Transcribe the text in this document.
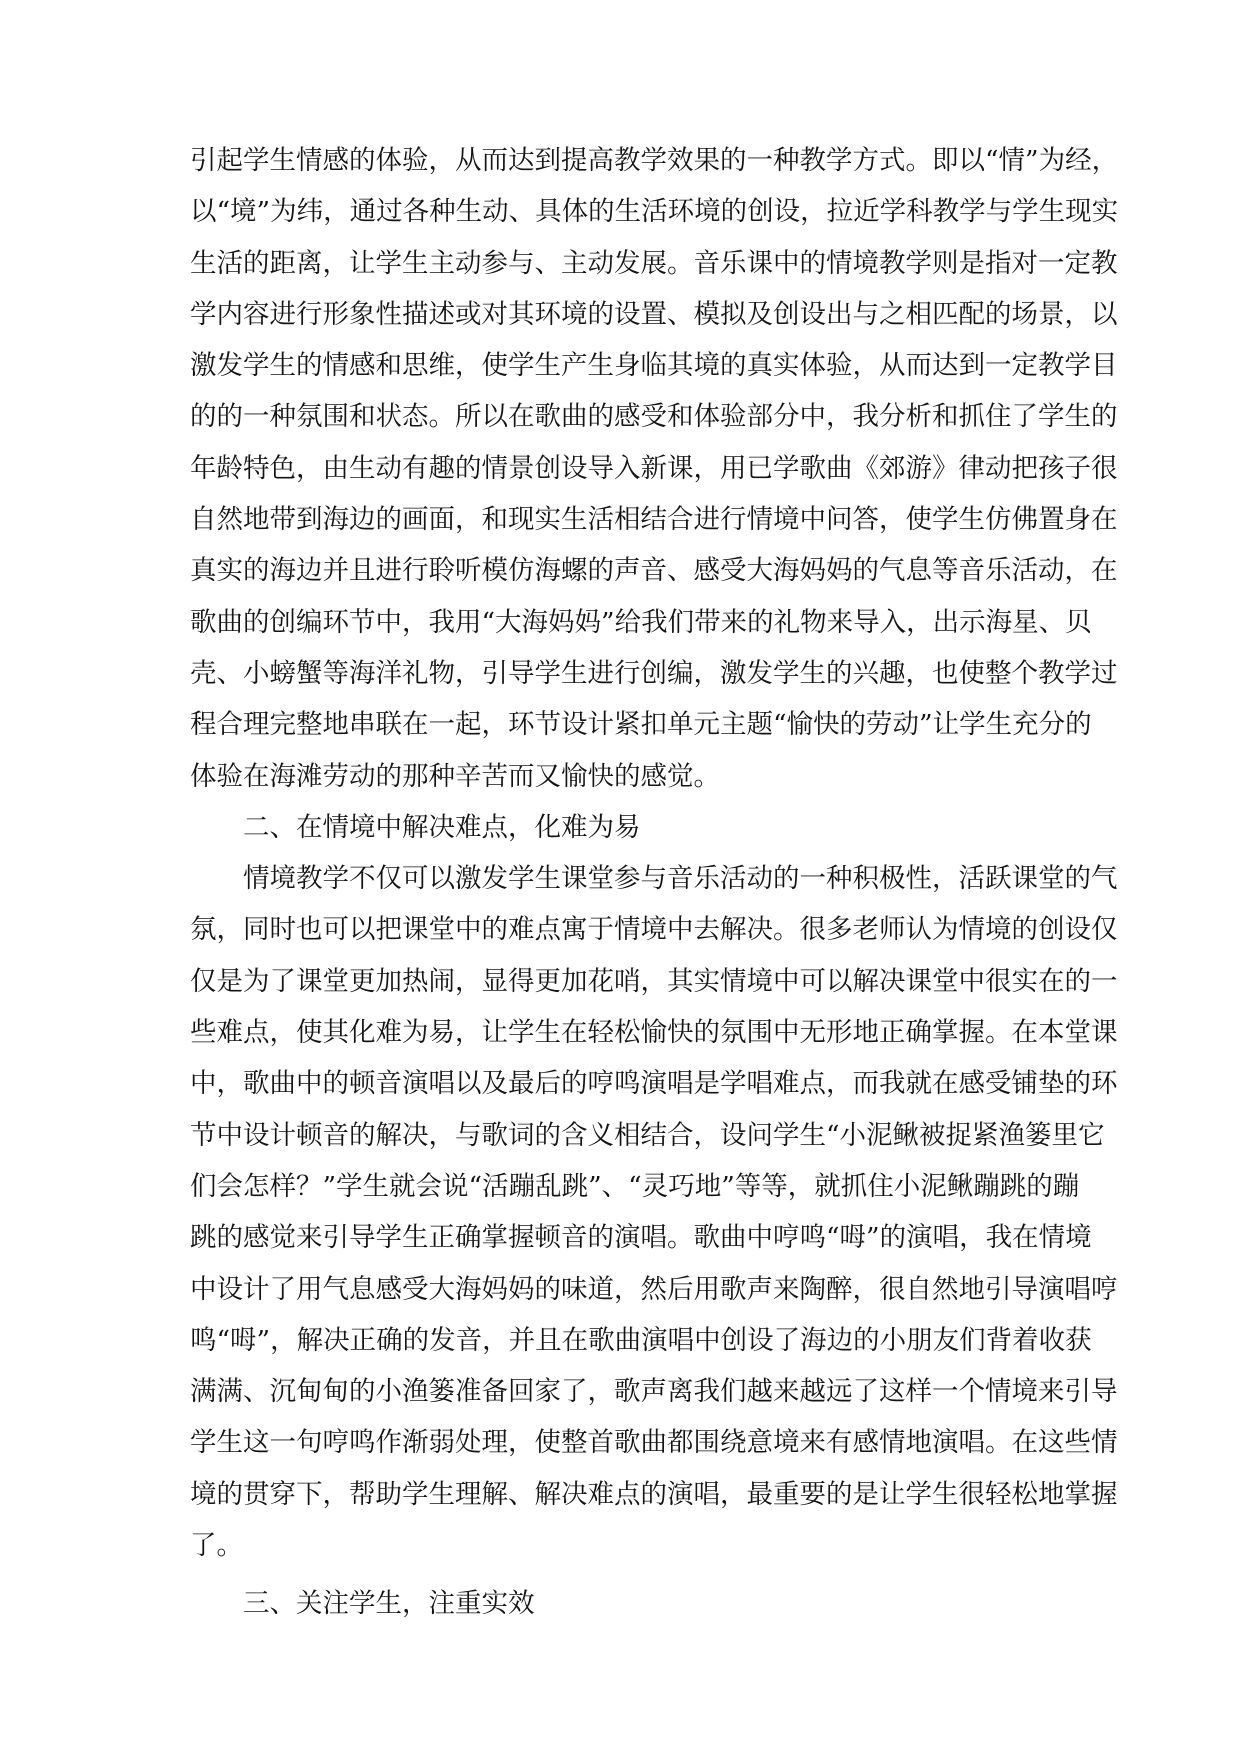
引起学生情感的体验，从而达到提高教学效果的一种教学方式。即以“情”为经，
以“境”为纬，通过各种生动、具体的生活环境的创设，拉近学科教学与学生现实
生活的距离，让学生主动参与、主动发展。音乐课中的情境教学则是指对一定教
学内容进行形象性描述或对其环境的设置、模拟及创设出与之相匹配的场景，以
激发学生的情感和思维，使学生产生身临其境的真实体验，从而达到一定教学目
的的一种氛围和状态。所以在歌曲的感受和体验部分中，我分析和抓住了学生的
年龄特色，由生动有趣的情景创设导入新课，用已学歌曲《郊游》律动把孩子很
自然地带到海边的画面，和现实生活相结合进行情境中问答，使学生仿佛置身在
真实的海边并且进行聆听模仿海螺的声音、感受大海妈妈的气息等音乐活动，在
歌曲的创编环节中，我用“大海妈妈”给我们带来的礼物来导入，出示海星、贝
壳、小螃蟹等海洋礼物，引导学生进行创编，激发学生的兴趣，也使整个教学过
程合理完整地串联在一起，环节设计紧扣单元主题“愉快的劳动”让学生充分的
体验在海滩劳动的那种辛苦而又愉快的感觉。
二、在情境中解决难点，化难为易
情境教学不仅可以激发学生课堂参与音乐活动的一种积极性，活跃课堂的气
氛，同时也可以把课堂中的难点寓于情境中去解决。很多老师认为情境的创设仅
仅是为了课堂更加热闹，显得更加花哨，其实情境中可以解决课堂中很实在的一
些难点，使其化难为易，让学生在轻松愉快的氛围中无形地正确掌握。在本堂课
中，歌曲中的顿音演唱以及最后的哼鸣演唱是学唱难点，而我就在感受铺垫的环
节中设计顿音的解决，与歌词的含义相结合，设问学生“小泥鳅被捉紧渔篓里它
们会怎样？”学生就会说“活蹦乱跳”、“灵巧地”等等，就抓住小泥鳅蹦跳的蹦
跳的感觉来引导学生正确掌握顿音的演唱。歌曲中哼鸣“呣”的演唱，我在情境
中设计了用气息感受大海妈妈的味道，然后用歌声来陶醉，很自然地引导演唱哼
鸣“呣”，解决正确的发音，并且在歌曲演唱中创设了海边的小朋友们背着收获
满满、沉甸甸的小渔篓准备回家了，歌声离我们越来越远了这样一个情境来引导
学生这一句哼鸣作渐弱处理，使整首歌曲都围绕意境来有感情地演唱。在这些情
境的贯穿下，帮助学生理解、解决难点的演唱，最重要的是让学生很轻松地掌握
了。
三、关注学生，注重实效
